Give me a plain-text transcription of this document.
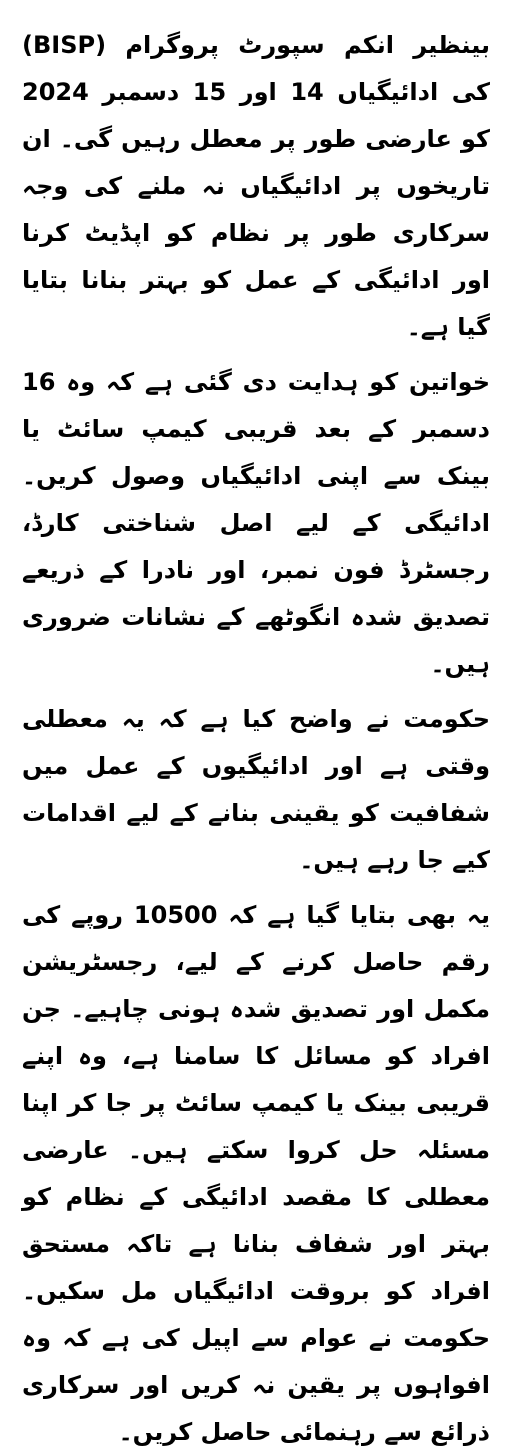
بینظیر انکم سپورٹ پروگرام (BISP) کی ادائیگیاں 14 اور 15 دسمبر 2024 کو عارضی طور پر معطل رہیں گی۔ ان تاریخوں پر ادائیگیاں نہ ملنے کی وجہ سرکاری طور پر نظام کو اپڈیٹ کرنا اور ادائیگی کے عمل کو بہتر بنانا بتایا گیا ہے۔

خواتین کو ہدایت دی گئی ہے کہ وہ 16 دسمبر کے بعد قریبی کیمپ سائٹ یا بینک سے اپنی ادائیگیاں وصول کریں۔ ادائیگی کے لیے اصل شناختی کارڈ، رجسٹرڈ فون نمبر، اور نادرا کے ذریعے تصدیق شدہ انگوٹھے کے نشانات ضروری ہیں۔

حکومت نے واضح کیا ہے کہ یہ معطلی وقتی ہے اور ادائیگیوں کے عمل میں شفافیت کو یقینی بنانے کے لیے اقدامات کیے جا رہے ہیں۔

یہ بھی بتایا گیا ہے کہ 10500 روپے کی رقم حاصل کرنے کے لیے، رجسٹریشن مکمل اور تصدیق شدہ ہونی چاہیے۔ جن افراد کو مسائل کا سامنا ہے، وہ اپنے قریبی بینک یا کیمپ سائٹ پر جا کر اپنا مسئلہ حل کروا سکتے ہیں۔ عارضی معطلی کا مقصد ادائیگی کے نظام کو بہتر اور شفاف بنانا ہے تاکہ مستحق افراد کو بروقت ادائیگیاں مل سکیں۔ حکومت نے عوام سے اپیل کی ہے کہ وہ افواہوں پر یقین نہ کریں اور سرکاری ذرائع سے رہنمائی حاصل کریں۔
